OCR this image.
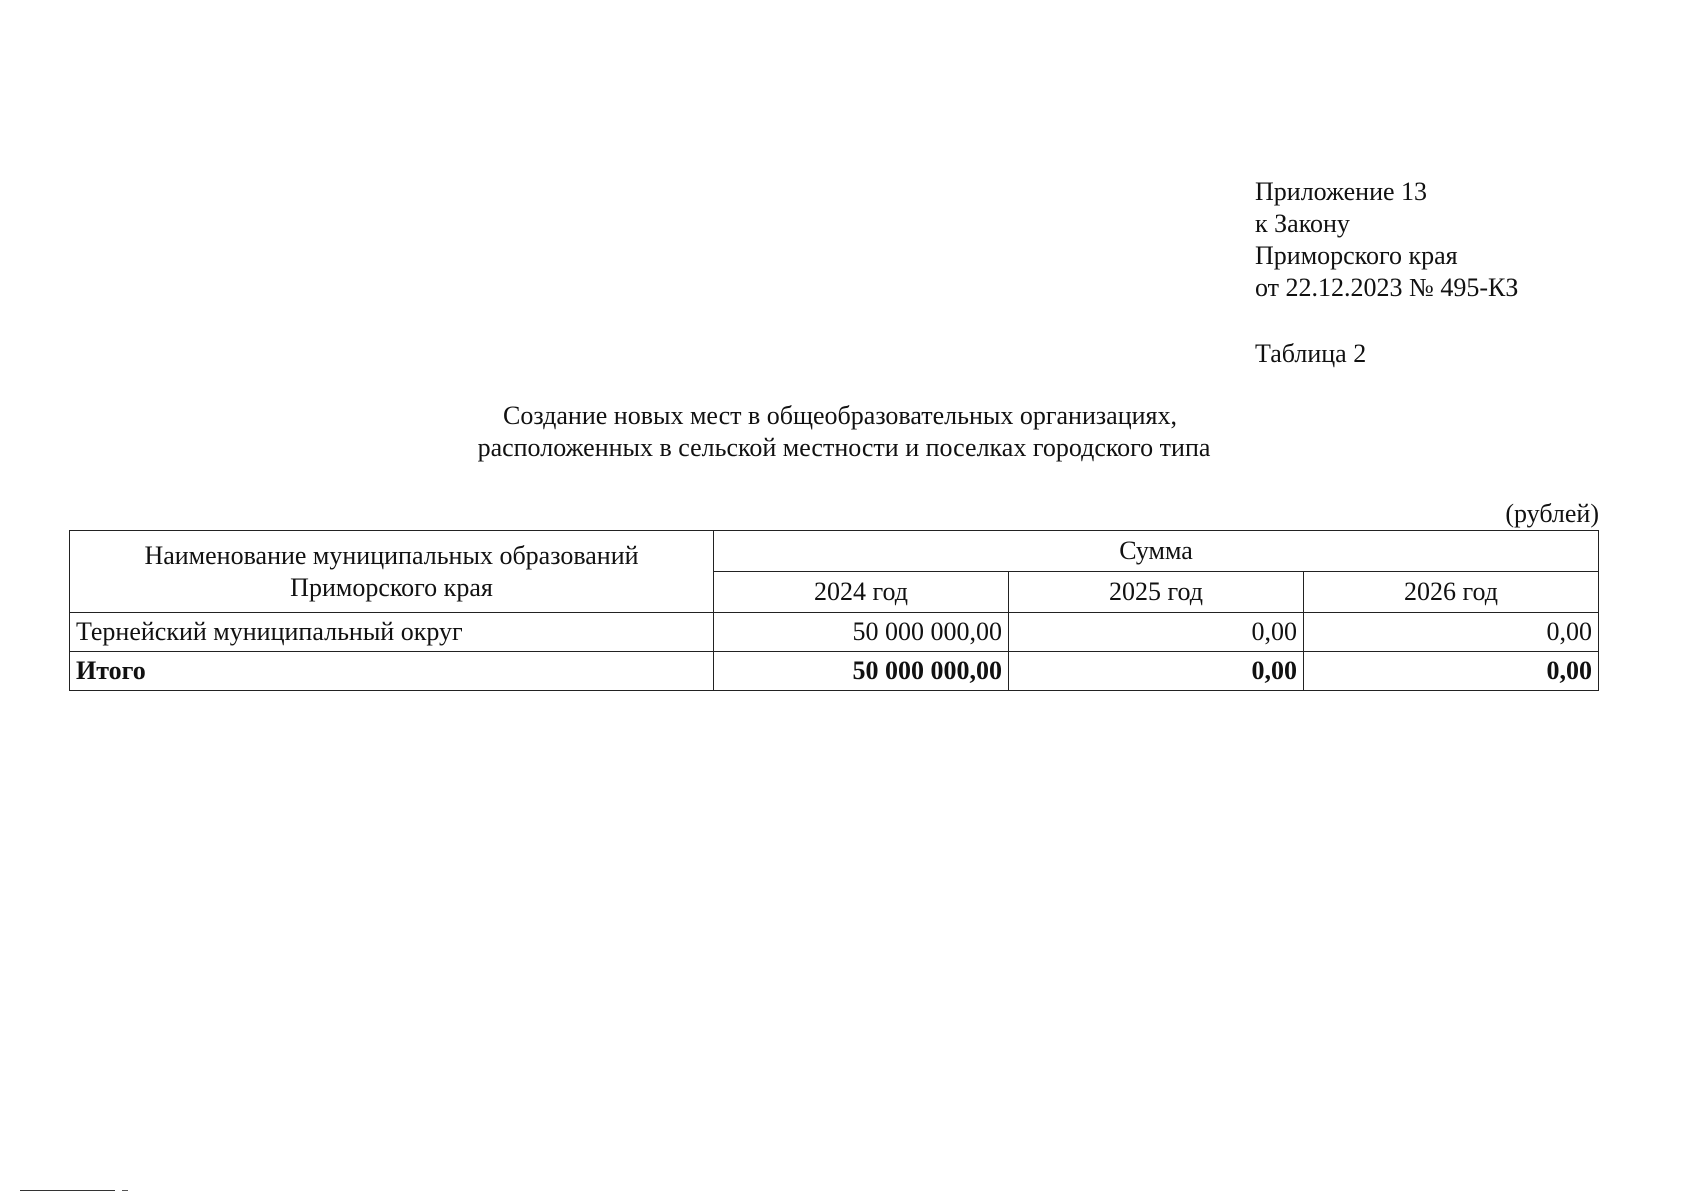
Приложение 13
к Закону
Приморского края
от 22.12.2023 № 495-КЗ
Таблица 2
Создание новых мест в общеобразовательных организациях,
расположенных в сельской местности и поселках городского типа
(рублей)
Наименование муниципальных образований
Приморского края	Сумма		
	2024 год	2025 год	2026 год
Тернейский муниципальный округ	50 000 000,00	0,00	0,00
Итого	50 000 000,00	0,00	0,00
